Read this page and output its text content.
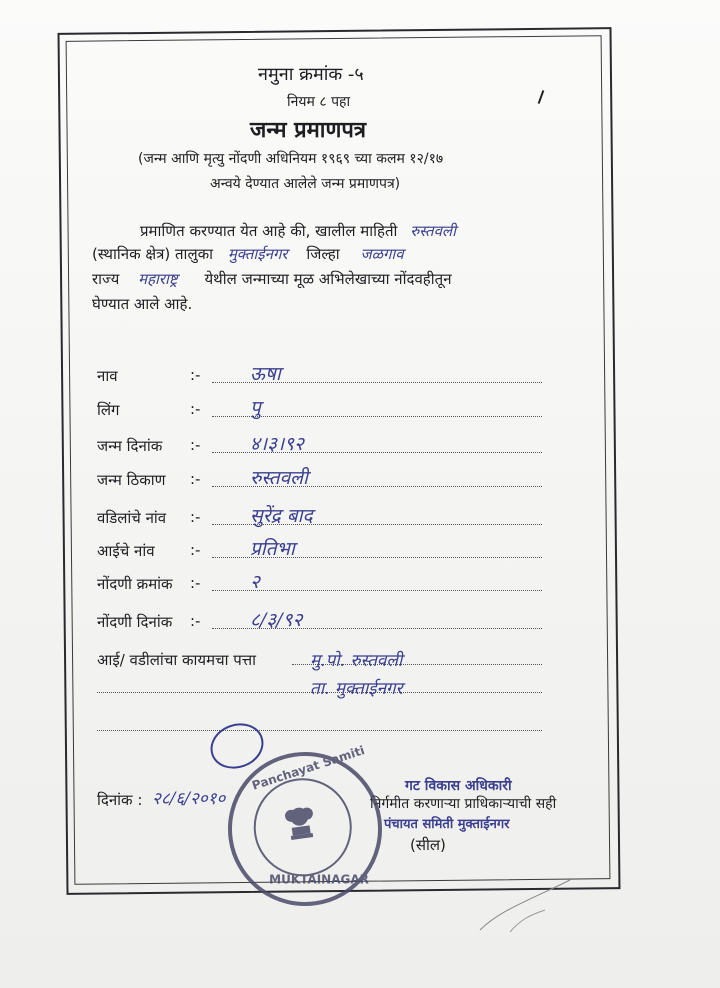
नमुना क्रमांक -५
नियम ८ पहा
जन्म प्रमाणपत्र
(जन्म आणि मृत्यु नोंदणी अधिनियम १९६९ च्या कलम १२/१७
अन्वये देण्यात आलेले जन्म प्रमाणपत्र)
प्रमाणित करण्यात येत आहे की, खालील माहिती रुस्तवली
(स्थानिक क्षेत्र) तालुका मुक्ताईनगर जिल्हा जळगाव
राज्य महाराष्ट्र येथील जन्माच्या मूळ अभिलेखाच्या नोंदवहीतून
घेण्यात आले आहे.
नाव	:-	ऊषा
लिंग	:-	पु
जन्म दिनांक :-	४।३।९२
जन्म ठिकाण :-	रुस्तवली
वडिलांचे नांव :-	सुरेंद्र बाद
आईचे नांव :-	प्रतिभा
नोंदणी क्रमांक :-	२
नोंदणी दिनांक :-	८/३/९२
आई/ वडीलांचा कायमचा पत्ता	मु.पो. रुस्तवली
ता. मुक्ताईनगर
दिनांक : २८/६/२०१०	निर्गमीत करणाऱ्या प्राधिकाऱ्याची सही
गट विकास अधिकारी
पंचायत समिती मुक्ताईनगर
(सील)
Panchayat Samiti
MUKTAINAGAR
